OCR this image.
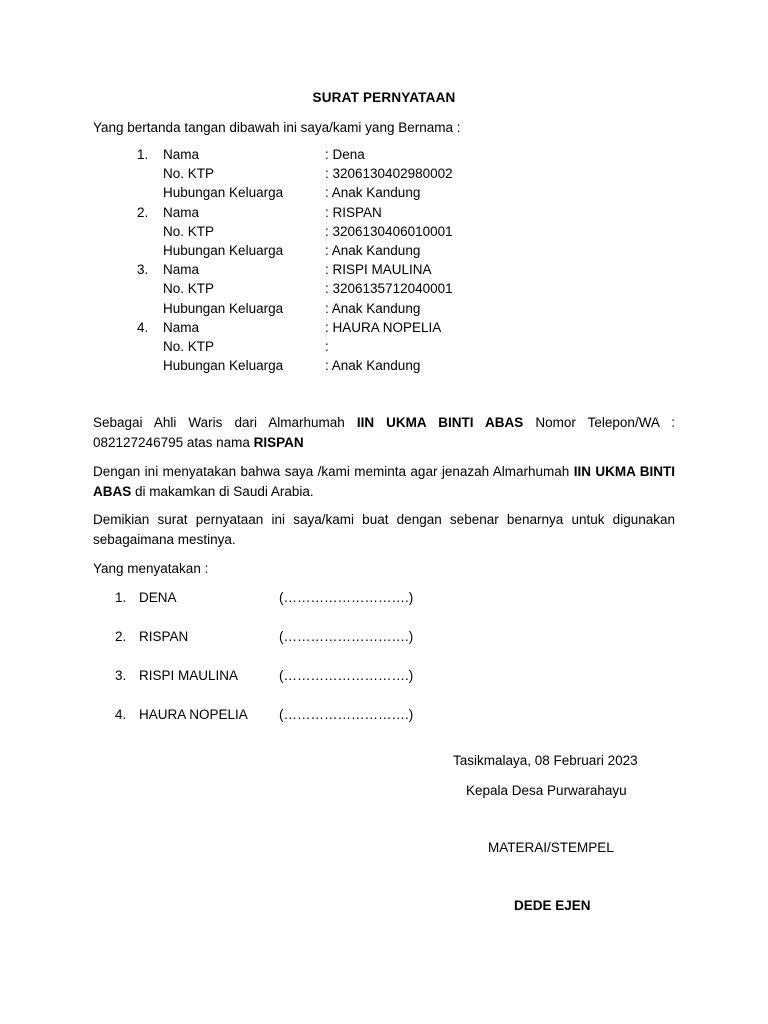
SURAT PERNYATAAN
Yang bertanda tangan dibawah ini saya/kami yang Bernama :
1.	Nama	: Dena
No. KTP	: 3206130402980002
Hubungan Keluarga	: Anak Kandung
2.	Nama	: RISPAN
No. KTP	: 3206130406010001
Hubungan Keluarga	: Anak Kandung
3.	Nama	: RISPI MAULINA
No. KTP	: 3206135712040001
Hubungan Keluarga	: Anak Kandung
4.	Nama	: HAURA NOPELIA
No. KTP	:
Hubungan Keluarga	: Anak Kandung
Sebagai Ahli Waris dari Almarhumah IIN UKMA BINTI ABAS Nomor Telepon/WA : 082127246795 atas nama RISPAN
Dengan ini menyatakan bahwa saya /kami meminta agar jenazah Almarhumah IIN UKMA BINTI ABAS di makamkan di Saudi Arabia.
Demikian surat pernyataan ini saya/kami buat dengan sebenar benarnya untuk digunakan sebagaimana mestinya.
Yang menyatakan :
1. DENA	(……………………….)
2. RISPAN	(……………………….)
3. RISPI MAULINA	(……………………….)
4. HAURA NOPELIA	(……………………….)
Tasikmalaya, 08 Februari 2023
Kepala Desa Purwarahayu
MATERAI/STEMPEL
DEDE EJEN
